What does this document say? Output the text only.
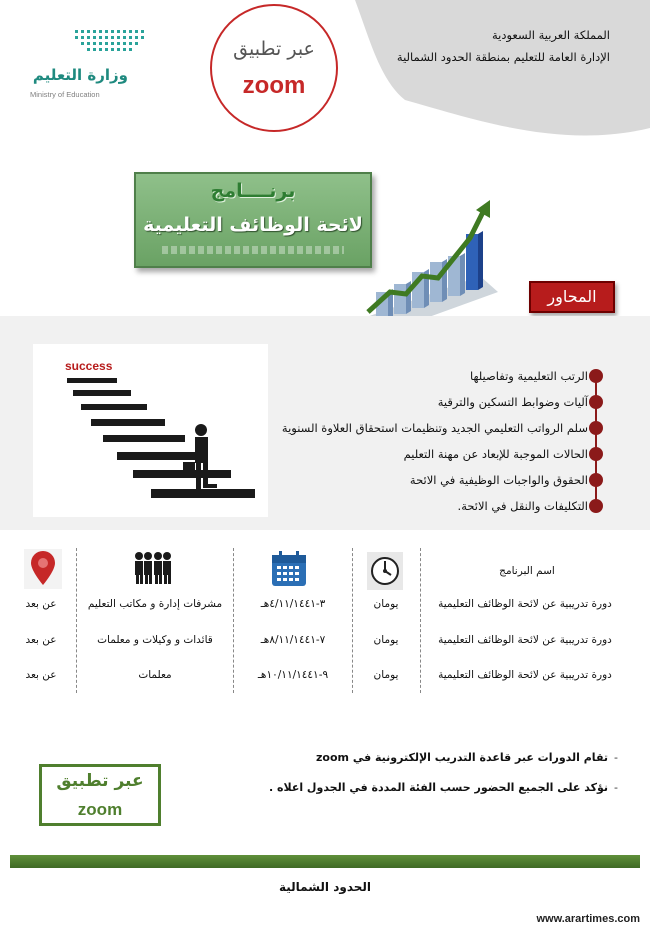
وزارة التعليم
Ministry of Education
عبر تطبيق
zoom
المملكة العربية السعودية
الإدارة العامة للتعليم بمنطقة الحدود الشمالية
برنــــامج
لائحة الوظائف التعليمية
المحاور
success
الرتب التعليمية وتفاصيلها
آليات وضوابط التسكين والترقية
سلم الرواتب التعليمي الجديد وتنظيمات استحقاق العلاوة السنوية
الحالات الموجبة للإبعاد عن مهنة التعليم
الحقوق والواجبات الوظيفية في الائحة
التكليفات والنقل في الائحة.
اسم البرنامج
دورة تدريبية عن لائحة الوظائف التعليمية
يومان
٣-٤/١١/١٤٤١هـ
مشرفات إدارة و مكاتب التعليم
عن بعد
دورة تدريبية عن لائحة الوظائف التعليمية
يومان
٧-٨/١١/١٤٤١هـ
قائدات و وكيلات و معلمات
عن بعد
دورة تدريبية عن لائحة الوظائف التعليمية
يومان
٩-١٠/١١/١٤٤١هـ
معلمات
عن بعد
-
تقام الدورات عبر قاعدة التدريب الإلكترونية في zoom
-
نؤكد على الجميع الحضور حسب الفئة المددة في الجدول اعلاه .
عبر تطبيق
zoom
الحدود الشمالية
www.arartimes.com
